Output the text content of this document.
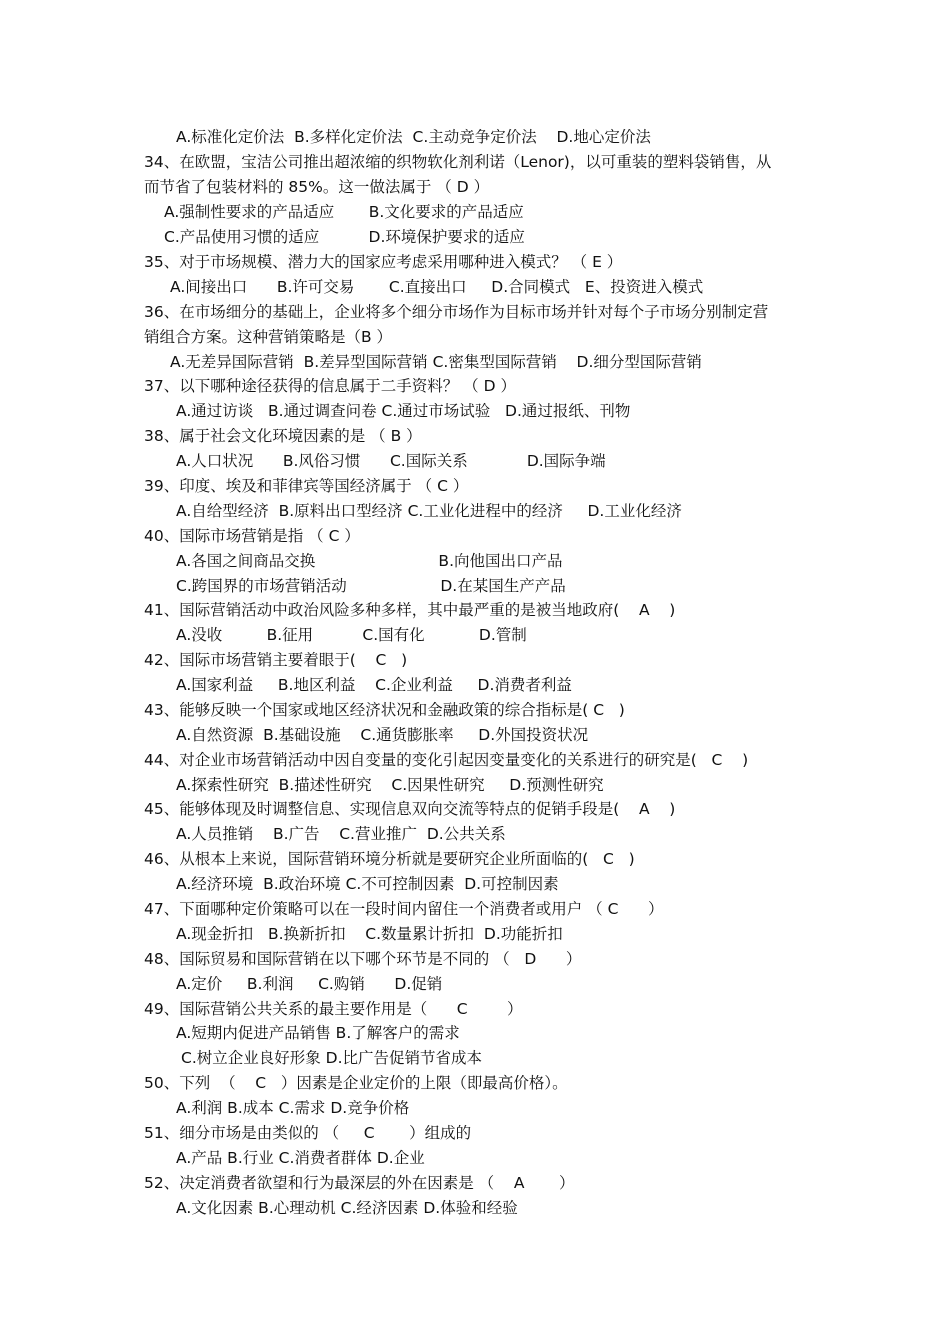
A.标准化定价法  B.多样化定价法  C.主动竞争定价法    D.地心定价法
34、在欧盟，宝洁公司推出超浓缩的织物软化剂利诺（Lenor)，以可重装的塑料袋销售，从
而节省了包装材料的 85%。这一做法属于 （ D ）
A.强制性要求的产品适应       B.文化要求的产品适应
C.产品使用习惯的适应          D.环境保护要求的适应
35、对于市场规模、潜力大的国家应考虑采用哪种进入模式？ （ E ）
A.间接出口      B.许可交易       C.直接出口     D.合同模式   E、投资进入模式
36、在市场细分的基础上，企业将多个细分市场作为目标市场并针对每个子市场分别制定营
销组合方案。这种营销策略是（B ）
A.无差异国际营销  B.差异型国际营销 C.密集型国际营销    D.细分型国际营销
37、以下哪种途径获得的信息属于二手资料？ （ D ）
A.通过访谈   B.通过调查问卷 C.通过市场试验   D.通过报纸、刊物
38、属于社会文化环境因素的是 （ B ）
A.人口状况      B.风俗习惯      C.国际关系            D.国际争端
39、印度、埃及和菲律宾等国经济属于 （ C ）
A.自给型经济  B.原料出口型经济 C.工业化进程中的经济     D.工业化经济
40、国际市场营销是指 （ C ）
A.各国之间商品交换                         B.向他国出口产品
C.跨国界的市场营销活动                   D.在某国生产产品
41、国际营销活动中政治风险多种多样，其中最严重的是被当地政府(    A    )
A.没收         B.征用          C.国有化           D.管制
42、国际市场营销主要着眼于(    C   )
A.国家利益     B.地区利益    C.企业利益     D.消费者利益
43、能够反映一个国家或地区经济状况和金融政策的综合指标是( C   )
A.自然资源  B.基础设施    C.通货膨胀率     D.外国投资状况
44、对企业市场营销活动中因自变量的变化引起因变量变化的关系进行的研究是(   C    )
A.探索性研究  B.描述性研究    C.因果性研究     D.预测性研究
45、能够体现及时调整信息、实现信息双向交流等特点的促销手段是(    A    )
A.人员推销    B.广告    C.营业推广  D.公共关系
46、从根本上来说，国际营销环境分析就是要研究企业所面临的(   C   )
A.经济环境  B.政治环境 C.不可控制因素  D.可控制因素
47、下面哪种定价策略可以在一段时间内留住一个消费者或用户 （ C      ）
A.现金折扣   B.换新折扣    C.数量累计折扣  D.功能折扣
48、国际贸易和国际营销在以下哪个环节是不同的 （   D      ）
A.定价     B.利润     C.购销      D.促销
49、国际营销公共关系的最主要作用是（      C        ）
A.短期内促进产品销售 B.了解客户的需求
C.树立企业良好形象 D.比广告促销节省成本
50、下列  （    C   ）因素是企业定价的上限（即最高价格）。
A.利润 B.成本 C.需求 D.竞争价格
51、细分市场是由类似的 （     C       ）组成的
A.产品 B.行业 C.消费者群体 D.企业
52、决定消费者欲望和行为最深层的外在因素是 （    A       ）
A.文化因素 B.心理动机 C.经济因素 D.体验和经验
